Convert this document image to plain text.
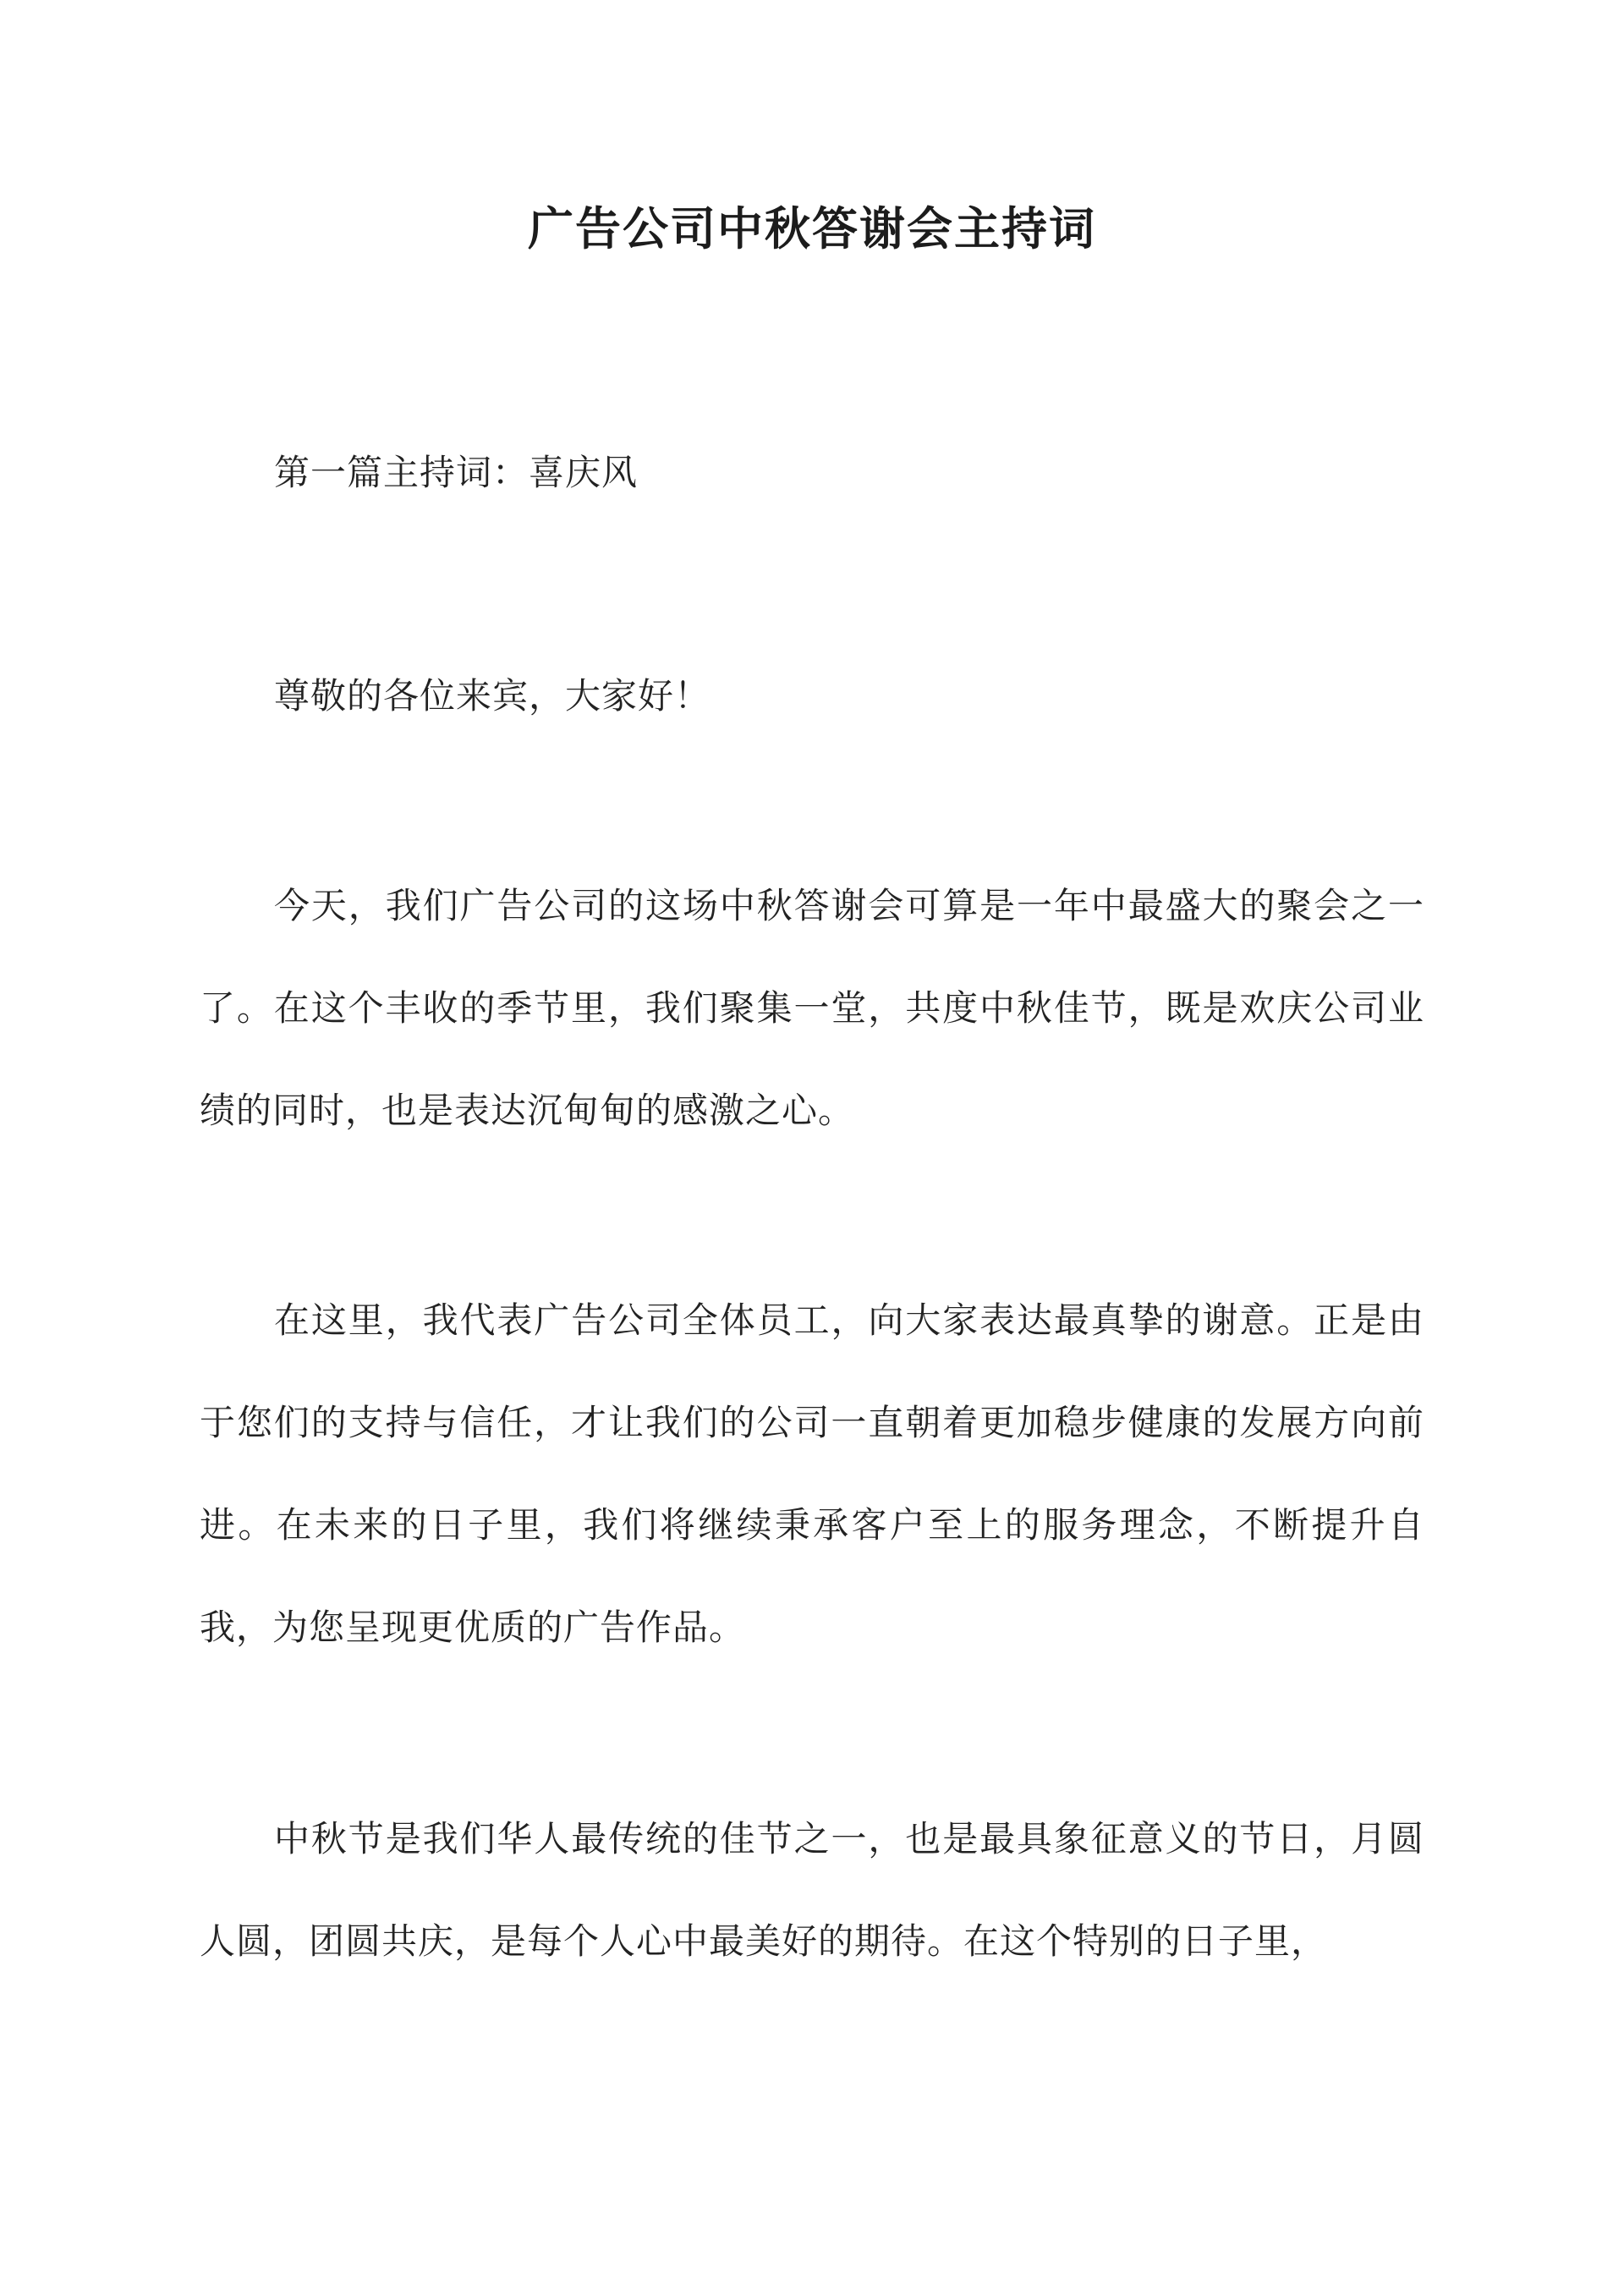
广告公司中秋答谢会主持词

第一篇主持词：喜庆风

尊敬的各位来宾，大家好！

今天，我们广告公司的这场中秋答谢会可算是一年中最盛大的聚会之一了。在这个丰收的季节里，我们聚集一堂，共度中秋佳节，既是欢庆公司业绩的同时，也是表达沉甸甸的感激之心。

在这里，我代表广告公司全体员工，向大家表达最真挚的谢意。正是由于您们的支持与信任，才让我们的公司一直朝着更加稳步健康的发展方向前进。在未来的日子里，我们将继续秉承客户至上的服务理念，不断提升自我，为您呈现更优质的广告作品。

中秋节是我们华人最传统的佳节之一，也是最具象征意义的节日，月圆人圆，团圆共庆，是每个人心中最美好的期待。在这个特别的日子里，
